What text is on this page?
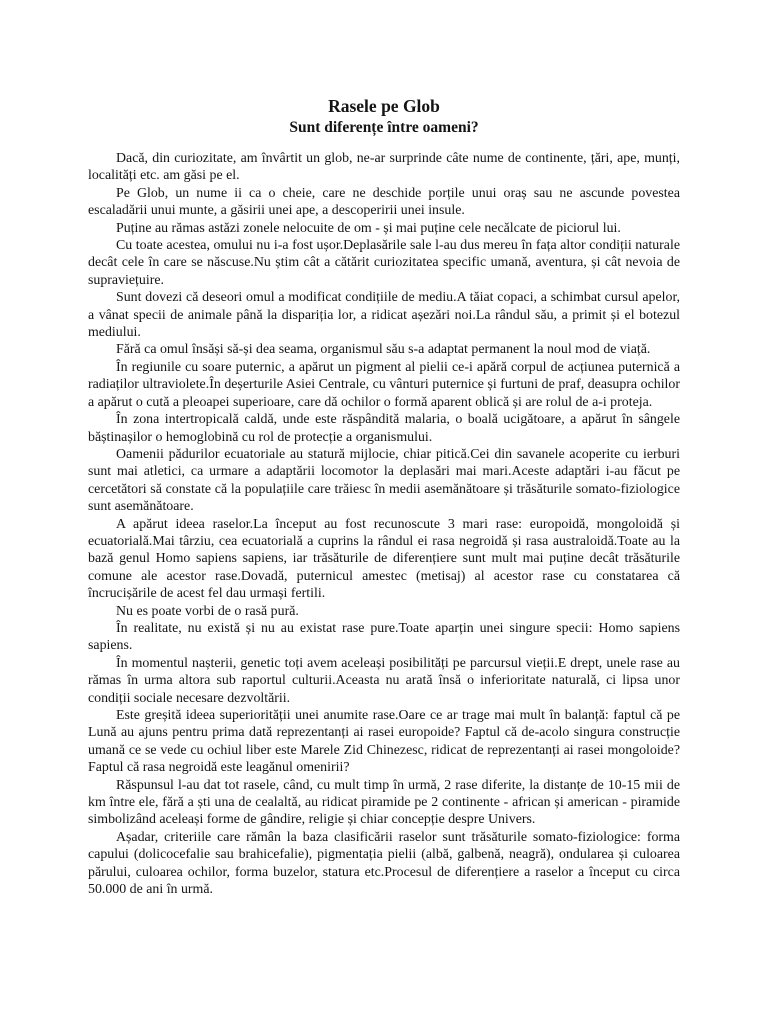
Rasele pe Glob
Sunt diferențe între oameni?

Dacă, din curiozitate, am învârtit un glob, ne-ar surprinde câte nume de continente, țări, ape, munți, localități etc. am găsi pe el.

Pe Glob, un nume ii ca o cheie, care ne deschide porțile unui oraș sau ne ascunde povestea escaladării unui munte, a găsirii unei ape, a descoperirii unei insule.

Puține au rămas astăzi zonele nelocuite de om - și mai puține cele necălcate de piciorul lui.

Cu toate acestea, omului nu i-a fost ușor.Deplasările sale l-au dus mereu în fața altor condiții naturale decât cele în care se născuse.Nu știm cât a cătărit curiozitatea specific umană, aventura, și cât nevoia de supraviețuire.

Sunt dovezi că deseori omul a modificat condițiile de mediu.A tăiat copaci, a schimbat cursul apelor, a vânat specii de animale până la dispariția lor, a ridicat așezări noi.La rândul său, a primit și el botezul mediului.

Fără ca omul însăși să-și dea seama, organismul său s-a adaptat permanent la noul mod de viață.

În regiunile cu soare puternic, a apărut un pigment al pielii ce-i apără corpul de acțiunea puternică a radiaților ultraviolete.În deșerturile Asiei Centrale, cu vânturi puternice și furtuni de praf, deasupra ochilor a apărut o cută a pleoapei superioare, care dă ochilor o formă aparent oblică și are rolul de a-i proteja.

În zona intertropicală caldă, unde este răspândită malaria, o boală ucigătoare, a apărut în sângele băștinașilor o hemoglobină cu rol de protecție a organismului.

Oamenii pădurilor ecuatoriale au statură mijlocie, chiar pitică.Cei din savanele acoperite cu ierburi sunt mai atletici, ca urmare a adaptării locomotor la deplasări mai mari.Aceste adaptări i-au făcut pe cercetători să constate că la populațiile care trăiesc în medii asemănătoare și trăsăturile somato-fiziologice sunt asemănătoare.

A apărut ideea raselor.La început au fost recunoscute 3 mari rase: europoidă, mongoloidă și ecuatorială.Mai târziu, cea ecuatorială a cuprins la rândul ei rasa negroidă și rasa australoidă.Toate au la bază genul Homo sapiens sapiens, iar trăsăturile de diferențiere sunt mult mai puține decât trăsăturile comune ale acestor rase.Dovadă, puternicul amestec (metisaj) al acestor rase cu constatarea că încrucișările de acest fel dau urmași fertili.

Nu es poate vorbi de o rasă pură.

În realitate, nu există și nu au existat rase pure.Toate aparțin unei singure specii: Homo sapiens sapiens.

În momentul nașterii, genetic toți avem aceleași posibilități pe parcursul vieții.E drept, unele rase au rămas în urma altora sub raportul culturii.Aceasta nu arată însă o inferioritate naturală, ci lipsa unor condiții sociale necesare dezvoltării.

Este greșită ideea superiorității unei anumite rase.Oare ce ar trage mai mult în balanță: faptul că pe Lună au ajuns pentru prima dată reprezentanți ai rasei europoide? Faptul că de-acolo singura construcție umană ce se vede cu ochiul liber este Marele Zid Chinezesc, ridicat de reprezentanți ai rasei mongoloide? Faptul că rasa negroidă este leagănul omenirii?

Răspunsul l-au dat tot rasele, când, cu mult timp în urmă, 2 rase diferite, la distanțe de 10-15 mii de km între ele, fără a ști una de cealaltă, au ridicat piramide pe 2 continente - african și american - piramide simbolizând aceleași forme de gândire, religie și chiar concepție despre Univers.

Așadar, criteriile care rămân la baza clasificării raselor sunt trăsăturile somato-fiziologice: forma capului (dolicocefalie sau brahicefalie), pigmentația pielii (albă, galbenă, neagră), ondularea și culoarea părului, culoarea ochilor, forma buzelor, statura etc.Procesul de diferențiere a raselor a început cu circa 50.000 de ani în urmă.
